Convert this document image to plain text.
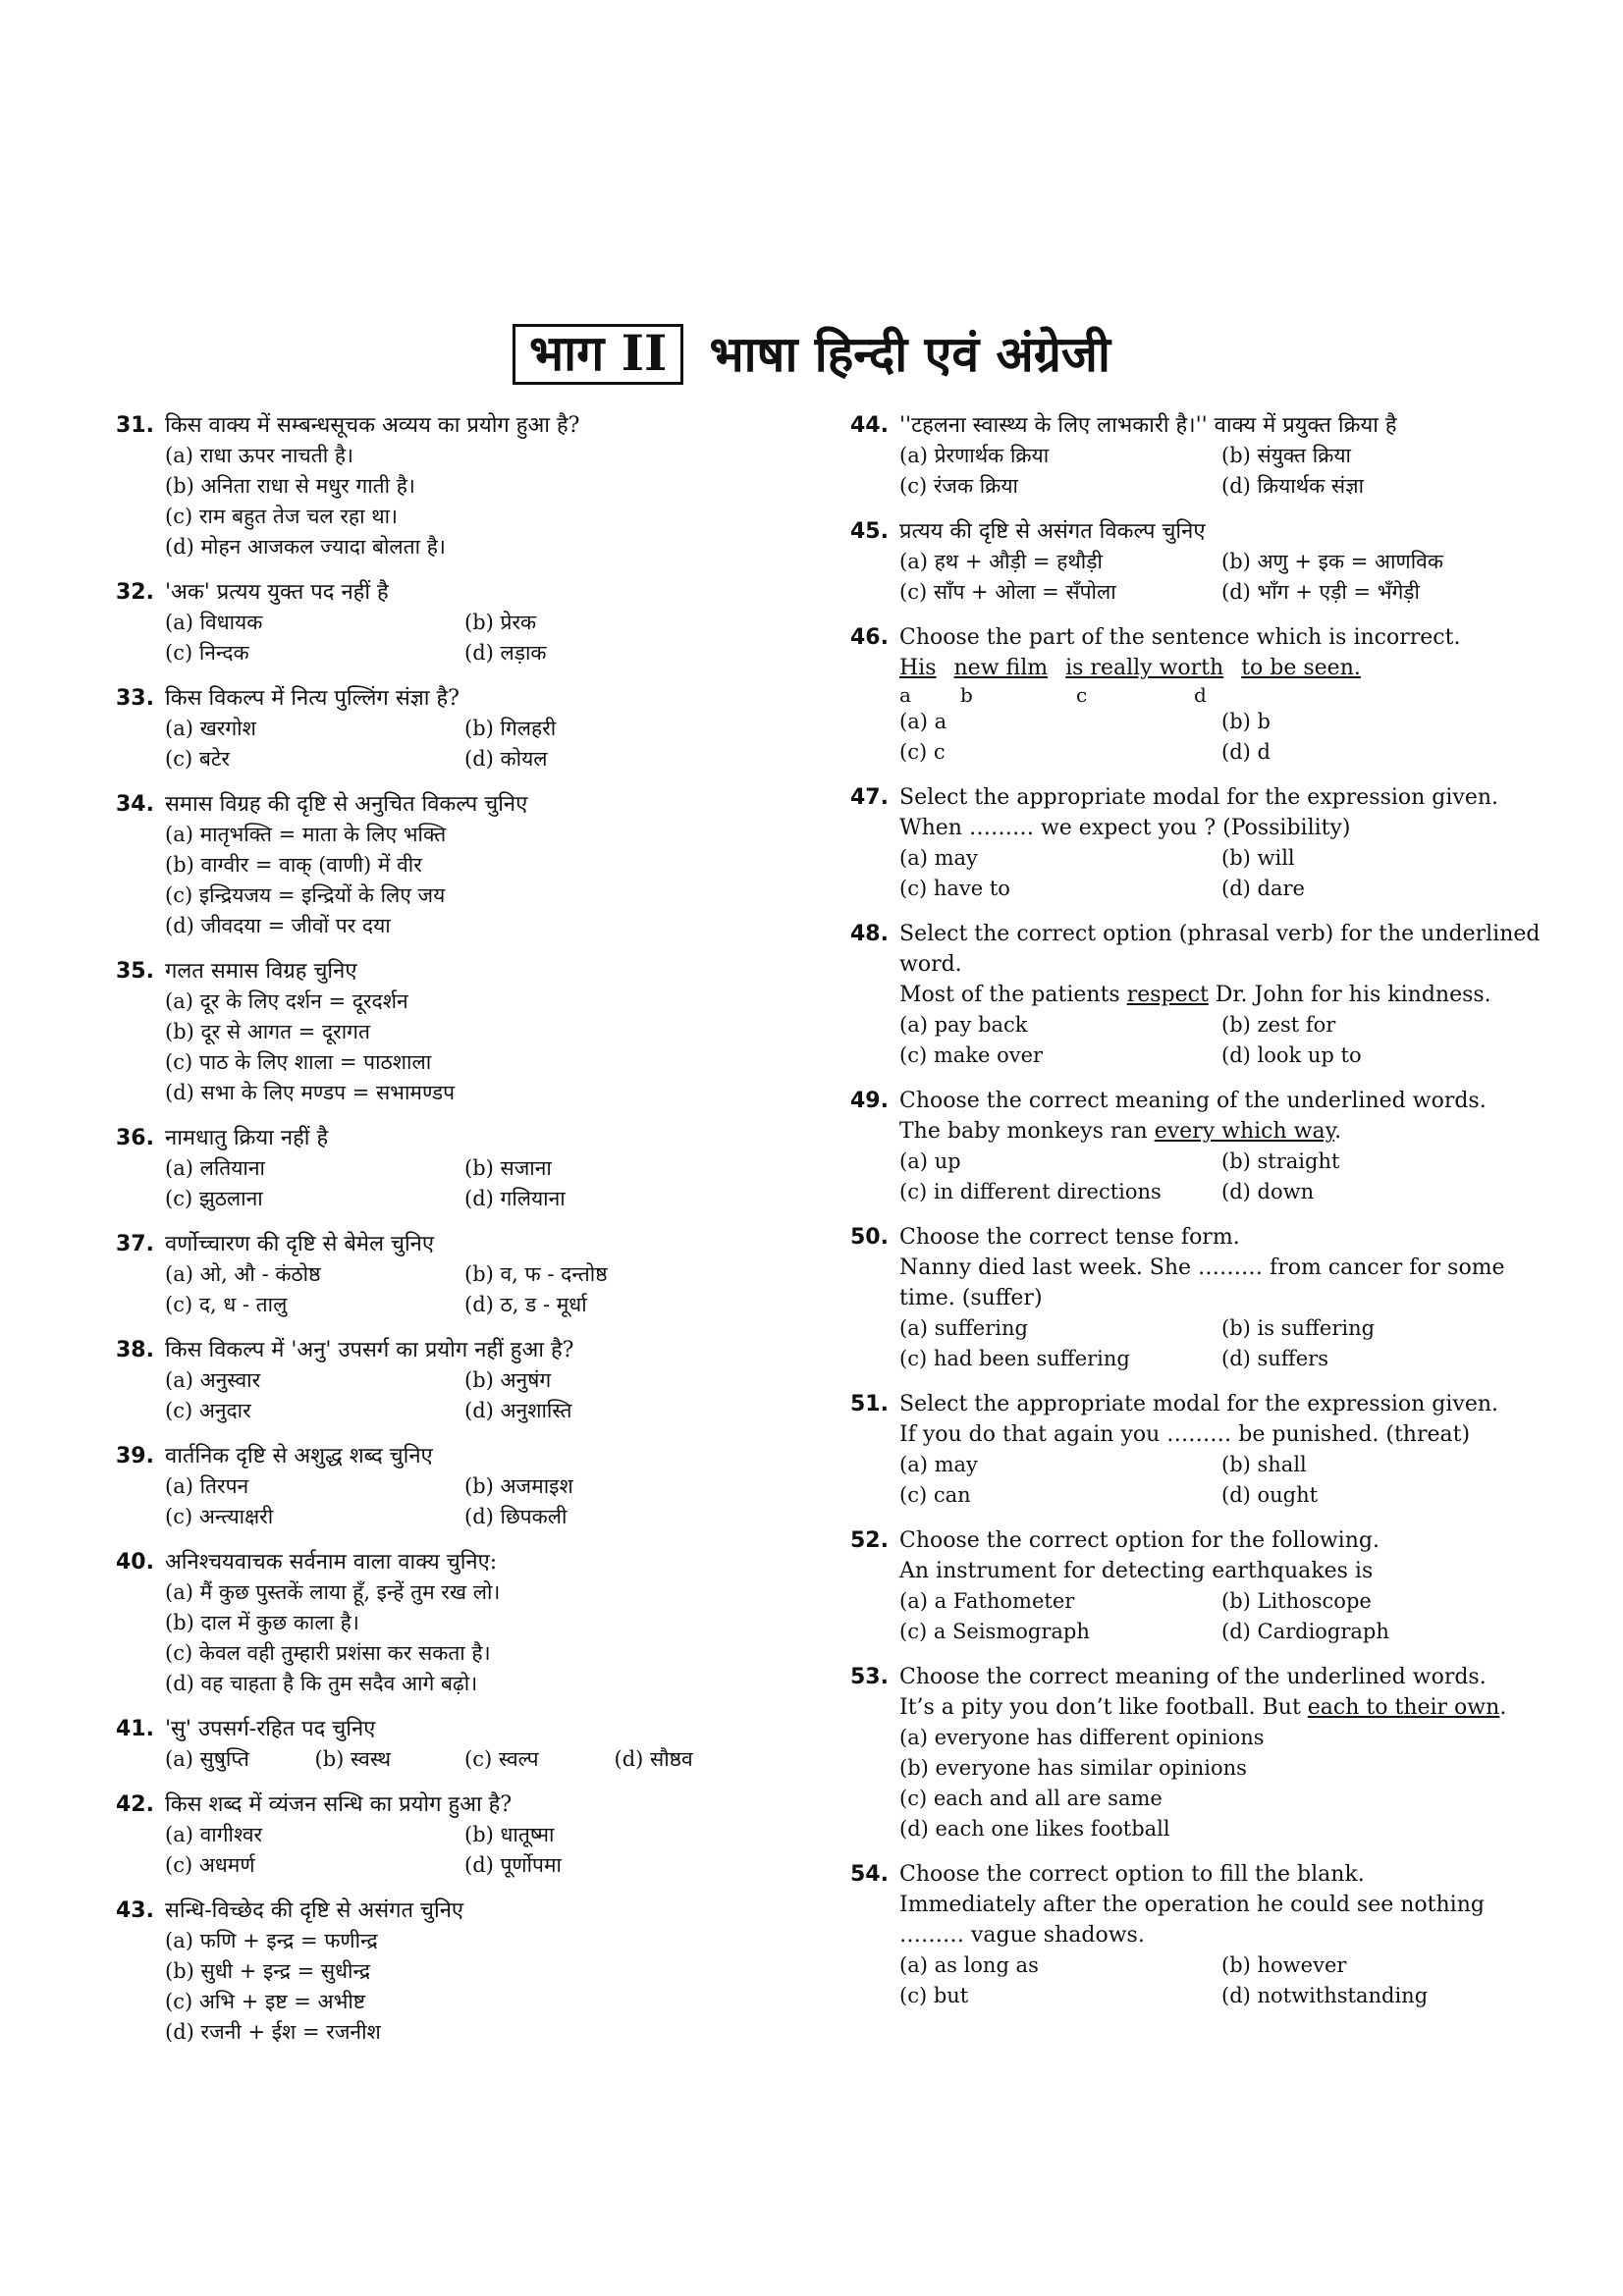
भाग II भाषा हिन्दी एवं अंग्रेजी
31. किस वाक्य में सम्बन्धसूचक अव्यय का प्रयोग हुआ है?
(a) राधा ऊपर नाचती है।
(b) अनिता राधा से मधुर गाती है।
(c) राम बहुत तेज चल रहा था।
(d) मोहन आजकल ज्यादा बोलता है।
32. 'अक' प्रत्यय युक्त पद नहीं है
(a) विधायक	(b) प्रेरक
(c) निन्दक	(d) लड़ाक
33. किस विकल्प में नित्य पुल्लिंग संज्ञा है?
(a) खरगोश	(b) गिलहरी
(c) बटेर	(d) कोयल
34. समास विग्रह की दृष्टि से अनुचित विकल्प चुनिए
(a) मातृभक्ति = माता के लिए भक्ति
(b) वाग्वीर = वाक् (वाणी) में वीर
(c) इन्द्रियजय = इन्द्रियों के लिए जय
(d) जीवदया = जीवों पर दया
35. गलत समास विग्रह चुनिए
(a) दूर के लिए दर्शन = दूरदर्शन
(b) दूर से आगत = दूरागत
(c) पाठ के लिए शाला = पाठशाला
(d) सभा के लिए मण्डप = सभामण्डप
36. नामधातु क्रिया नहीं है
(a) लतियाना	(b) सजाना
(c) झुठलाना	(d) गलियाना
37. वर्णोच्चारण की दृष्टि से बेमेल चुनिए
(a) ओ, औ - कंठोष्ठ	(b) व, फ - दन्तोष्ठ
(c) द, ध - तालु	(d) ठ, ड - मूर्धा
38. किस विकल्प में 'अनु' उपसर्ग का प्रयोग नहीं हुआ है?
(a) अनुस्वार	(b) अनुषंग
(c) अनुदार	(d) अनुशास्ति
39. वार्तनिक दृष्टि से अशुद्ध शब्द चुनिए
(a) तिरपन	(b) अजमाइश
(c) अन्त्याक्षरी	(d) छिपकली
40. अनिश्चयवाचक सर्वनाम वाला वाक्य चुनिए:
(a) मैं कुछ पुस्तकें लाया हूँ, इन्हें तुम रख लो।
(b) दाल में कुछ काला है।
(c) केवल वही तुम्हारी प्रशंसा कर सकता है।
(d) वह चाहता है कि तुम सदैव आगे बढ़ो।
41. 'सु' उपसर्ग-रहित पद चुनिए
(a) सुषुप्ति	(b) स्वस्थ	(c) स्वल्प	(d) सौष्ठव
42. किस शब्द में व्यंजन सन्धि का प्रयोग हुआ है?
(a) वागीश्वर	(b) धातूष्मा
(c) अधमर्ण	(d) पूर्णोपमा
43. सन्धि-विच्छेद की दृष्टि से असंगत चुनिए
(a) फणि + इन्द्र = फणीन्द्र
(b) सुधी + इन्द्र = सुधीन्द्र
(c) अभि + इष्ट = अभीष्ट
(d) रजनी + ईश = रजनीश
44. ''टहलना स्वास्थ्य के लिए लाभकारी है।'' वाक्य में प्रयुक्त क्रिया है
(a) प्रेरणार्थक क्रिया	(b) संयुक्त क्रिया
(c) रंजक क्रिया	(d) क्रियार्थक संज्ञा
45. प्रत्यय की दृष्टि से असंगत विकल्प चुनिए
(a) हथ + औड़ी = हथौड़ी	(b) अणु + इक = आणविक
(c) साँप + ओला = सँपोला	(d) भाँग + एड़ी = भँगेड़ी
46. Choose the part of the sentence which is incorrect.
His new film is really worth to be seen.
a	b	c	d
(a) a	(b) b
(c) c	(d) d
47. Select the appropriate modal for the expression given.
When ……… we expect you ? (Possibility)
(a) may	(b) will
(c) have to	(d) dare
48. Select the correct option (phrasal verb) for the underlined word.
Most of the patients respect Dr. John for his kindness.
(a) pay back	(b) zest for
(c) make over	(d) look up to
49. Choose the correct meaning of the underlined words.
The baby monkeys ran every which way.
(a) up	(b) straight
(c) in different directions	(d) down
50. Choose the correct tense form.
Nanny died last week. She ……… from cancer for some time. (suffer)
(a) suffering	(b) is suffering
(c) had been suffering	(d) suffers
51. Select the appropriate modal for the expression given.
If you do that again you ……… be punished. (threat)
(a) may	(b) shall
(c) can	(d) ought
52. Choose the correct option for the following.
An instrument for detecting earthquakes is
(a) a Fathometer	(b) Lithoscope
(c) a Seismograph	(d) Cardiograph
53. Choose the correct meaning of the underlined words.
It’s a pity you don’t like football. But each to their own.
(a) everyone has different opinions
(b) everyone has similar opinions
(c) each and all are same
(d) each one likes football
54. Choose the correct option to fill the blank.
Immediately after the operation he could see nothing ……… vague shadows.
(a) as long as	(b) however
(c) but	(d) notwithstanding
